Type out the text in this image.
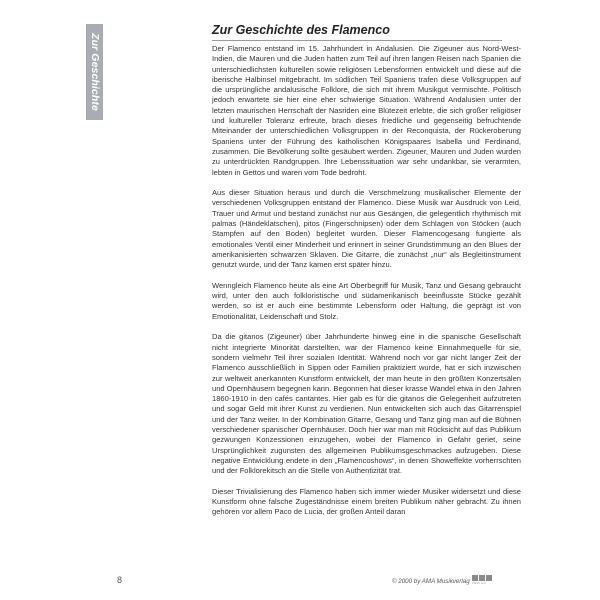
Zur Geschichte
Zur Geschichte des Flamenco

Der Flamenco entstand im 15. Jahrhundert in Andalusien. Die Zigeuner aus Nord-West-Indien, die Mauren und die Juden hatten zum Teil auf ihren langen Reisen nach Spanien die unterschiedlichsten kulturellen sowie religiösen Lebensformen entwickelt und diese auf die iberische Halbinsel mitgebracht. Im südlichen Teil Spaniens trafen diese Volksgruppen auf die ursprüngliche andalusische Folklore, die sich mit ihrem Musikgut vermischte. Politisch jedoch erwartete sie hier eine eher schwierige Situation. Während Andalusien unter der letzten maurischen Herrschaft der Nasriden eine Blütezeit erlebte, die sich großer religiöser und kultureller Toleranz erfreute, brach dieses friedliche und gegenseitig befruchtende Miteinander der unterschiedlichen Volksgruppen in der Reconquista, der Rückeroberung Spaniens unter der Führung des katholischen Königspaares Isabella und Ferdinand, zusammen. Die Bevölkerung sollte gesäubert werden. Zigeuner, Mauren und Juden wurden zu unterdrückten Randgruppen. Ihre Lebenssituation war sehr undankbar, sie verarmten, lebten in Gettos und waren vom Tode bedroht.

Aus dieser Situation heraus und durch die Verschmelzung musikalischer Elemente der verschiedenen Volksgruppen entstand der Flamenco. Diese Musik war Ausdruck von Leid, Trauer und Armut und bestand zunächst nur aus Gesängen, die gelegentlich rhythmisch mit palmas (Händeklatschen), pitos (Fingerschnipsen) oder dem Schlagen von Stöcken (auch Stampfen auf den Boden) begleitet wurden. Dieser Flamencogesang fungierte als emotionales Ventil einer Minderheit und erinnert in seiner Grundstimmung an den Blues der amerikanisierten schwarzen Sklaven. Die Gitarre, die zunächst „nur“ als Begleitinstrument genutzt wurde, und der Tanz kamen erst später hinzu.

Wenngleich Flamenco heute als eine Art Oberbegriff für Musik, Tanz und Gesang gebraucht wird, unter den auch folkloristische und südamerikanisch beeinflusste Stücke gezählt werden, so ist er auch eine bestimmte Lebensform oder Haltung, die geprägt ist von Emotionalität, Leidenschaft und Stolz.

Da die gitanos (Zigeuner) über Jahrhunderte hinweg eine in die spanische Gesellschaft nicht integrierte Minorität darstellten, war der Flamenco keine Einnahmequelle für sie, sondern vielmehr Teil ihrer sozialen Identität. Während noch vor gar nicht langer Zeit der Flamenco ausschließlich in Sippen oder Familien praktiziert wurde, hat er sich inzwischen zur weltweit anerkannten Kunstform entwickelt, der man heute in den größten Konzertsälen und Opernhäusern begegnen kann. Begonnen hat dieser krasse Wandel etwa in den Jahren 1860-1910 in den cafés cantantes. Hier gab es für die gitanos die Gelegenheit aufzutreten und sogar Geld mit ihrer Kunst zu verdienen. Nun entwickelten sich auch das Gitarrenspiel und der Tanz weiter. In der Kombination Gitarre, Gesang und Tanz ging man auf die Bühnen verschiedener spanischer Opernhäuser. Doch hier war man mit Rücksicht auf das Publikum gezwungen Konzessionen einzugehen, wobei der Flamenco in Gefahr geriet, seine Ursprünglichkeit zugunsten des allgemeinen Publikumsgeschmackes aufzugeben. Diese negative Entwicklung endete in den „Flamencoshows“, in denen Showeffekte vorherrschten und der Folklorekitsch an die Stelle von Authentizität trat.

Dieser Trivialisierung des Flamenco haben sich immer wieder Musiker widersetzt und diese Kunstform ohne falsche Zugeständnisse einem breiten Publikum näher gebracht. Zu ihnen gehören vor allem Paco de Lucia, der großen Anteil daran

8	© 2000 by AMA Musikverlag VERLAG
